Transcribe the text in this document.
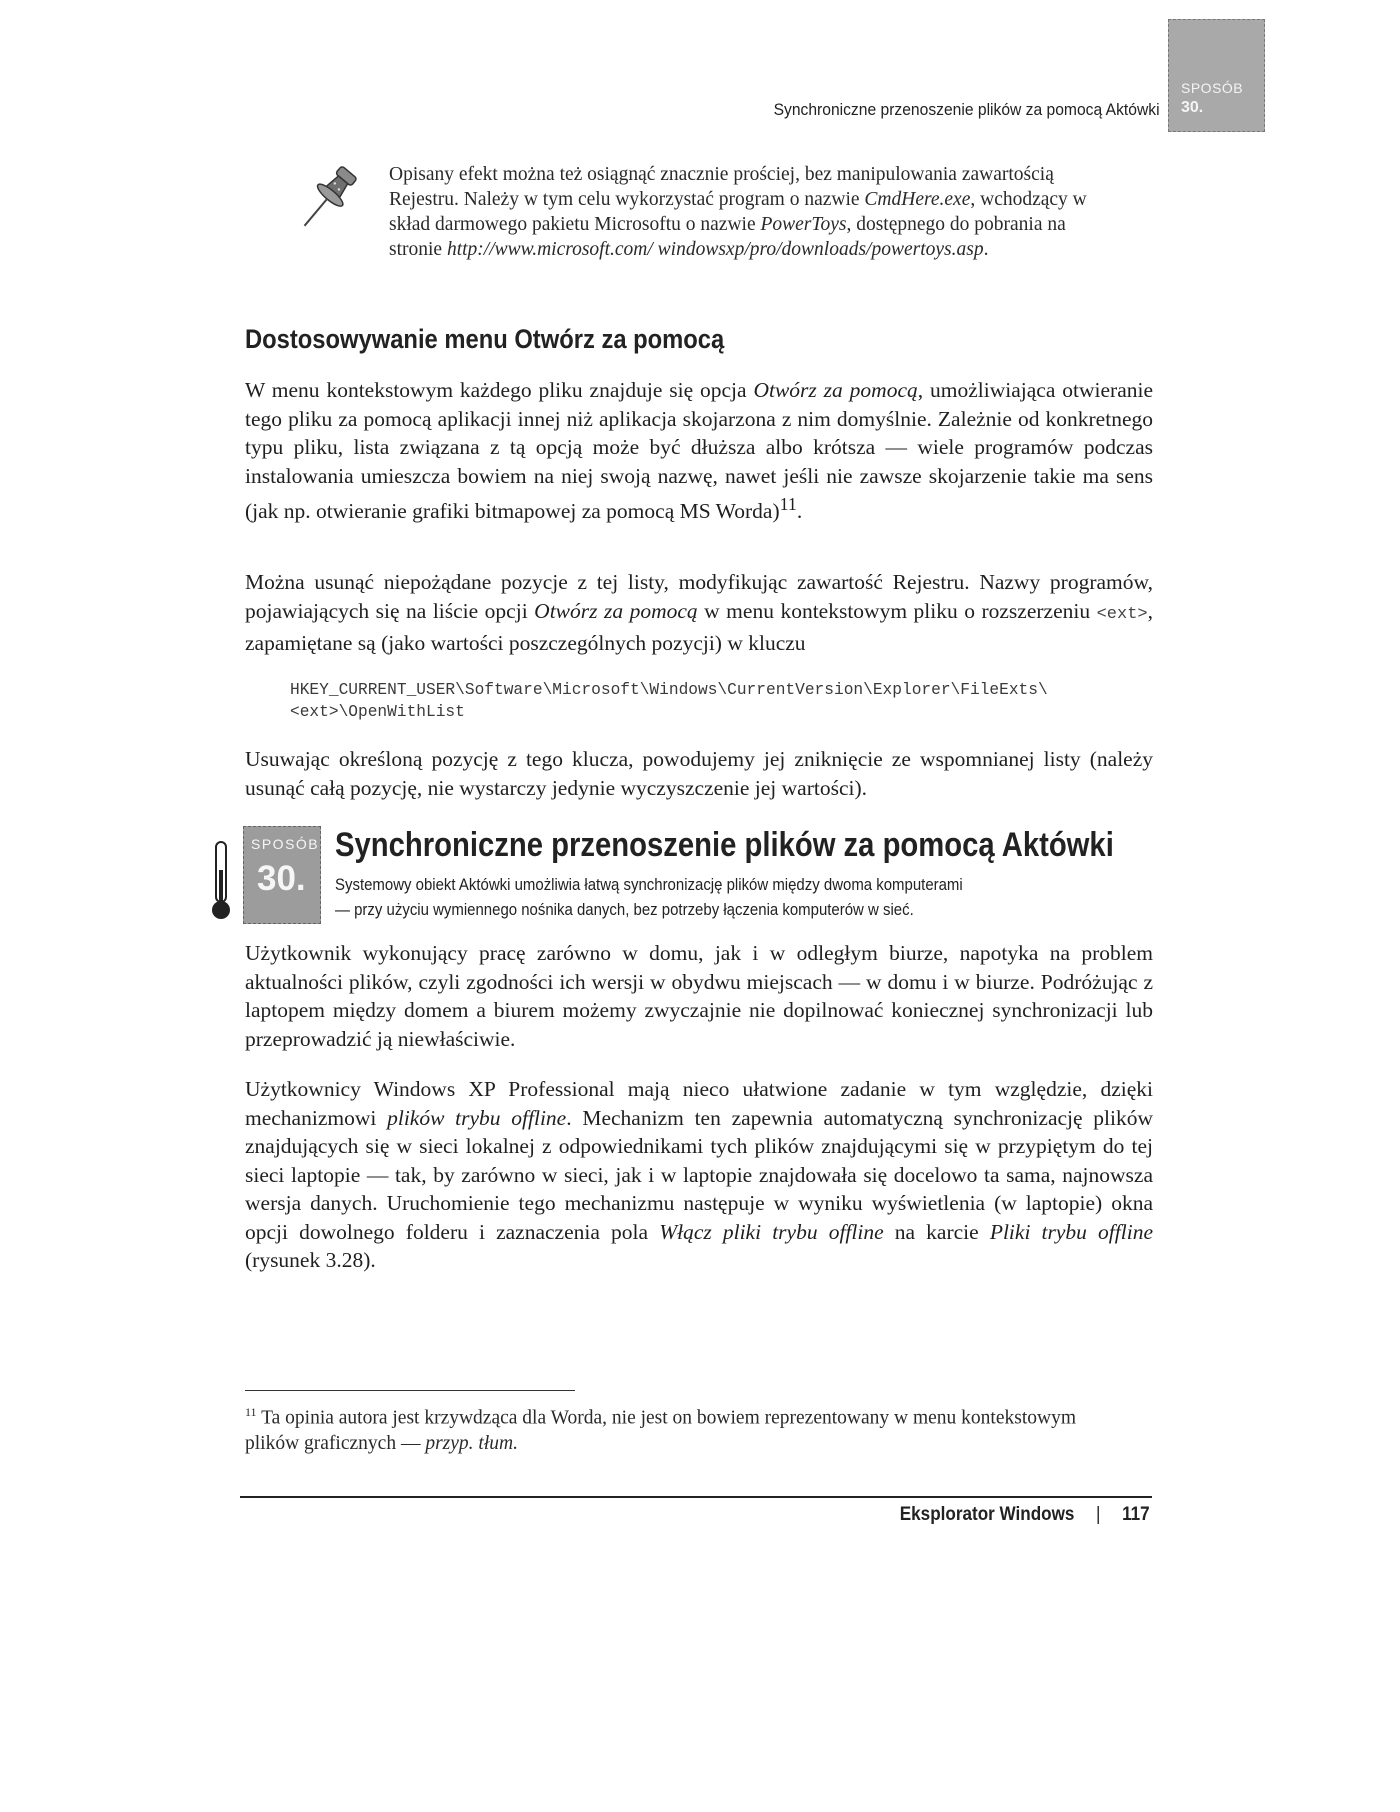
Synchroniczne przenoszenie plików za pomocą Aktówki
SPOSÓB
30.

Opisany efekt można też osiągnąć znacznie prościej, bez manipulowania zawartością Rejestru. Należy w tym celu wykorzystać program o nazwie CmdHere.exe, wchodzący w skład darmowego pakietu Microsoftu o nazwie PowerToys, dostępnego do pobrania na stronie http://www.microsoft.com/ windowsxp/pro/downloads/powertoys.asp.

Dostosowywanie menu Otwórz za pomocą

W menu kontekstowym każdego pliku znajduje się opcja Otwórz za pomocą, umożliwiająca otwieranie tego pliku za pomocą aplikacji innej niż aplikacja skojarzona z nim domyślnie. Zależnie od konkretnego typu pliku, lista związana z tą opcją może być dłuższa albo krótsza — wiele programów podczas instalowania umieszcza bowiem na niej swoją nazwę, nawet jeśli nie zawsze skojarzenie takie ma sens (jak np. otwieranie grafiki bitmapowej za pomocą MS Worda)$^{11}$.

Można usunąć niepożądane pozycje z tej listy, modyfikując zawartość Rejestru. Nazwy programów, pojawiających się na liście opcji Otwórz za pomocą w menu kontekstowym pliku o rozszerzeniu <ext>, zapamiętane są (jako wartości poszczególnych pozycji) w kluczu

HKEY_CURRENT_USER\Software\Microsoft\Windows\CurrentVersion\Explorer\FileExts\
<ext>\OpenWithList

Usuwając określoną pozycję z tego klucza, powodujemy jej zniknięcie ze wspomnianej listy (należy usunąć całą pozycję, nie wystarczy jedynie wyczyszczenie jej wartości).

SPOSÓB
30.
Synchroniczne przenoszenie plików za pomocą Aktówki

Systemowy obiekt Aktówki umożliwia łatwą synchronizację plików między dwoma komputerami

— przy użyciu wymiennego nośnika danych, bez potrzeby łączenia komputerów w sieć.

Użytkownik wykonujący pracę zarówno w domu, jak i w odległym biurze, napotyka na problem aktualności plików, czyli zgodności ich wersji w obydwu miejscach — w domu i w biurze. Podróżując z laptopem między domem a biurem możemy zwyczajnie nie dopilnować koniecznej synchronizacji lub przeprowadzić ją niewłaściwie.

Użytkownicy Windows XP Professional mają nieco ułatwione zadanie w tym względzie, dzięki mechanizmowi plików trybu offline. Mechanizm ten zapewnia automatyczną synchronizację plików znajdujących się w sieci lokalnej z odpowiednikami tych plików znajdującymi się w przypiętym do tej sieci laptopie — tak, by zarówno w sieci, jak i w laptopie znajdowała się docelowo ta sama, najnowsza wersja danych. Uruchomienie tego mechanizmu następuje w wyniku wyświetlenia (w laptopie) okna opcji dowolnego folderu i zaznaczenia pola Włącz pliki trybu offline na karcie Pliki trybu offline (rysunek 3.28).

$^{11}$ Ta opinia autora jest krzywdząca dla Worda, nie jest on bowiem reprezentowany w menu kontekstowym plików graficznych — przyp. tłum.

Eksplorator Windows | 117
